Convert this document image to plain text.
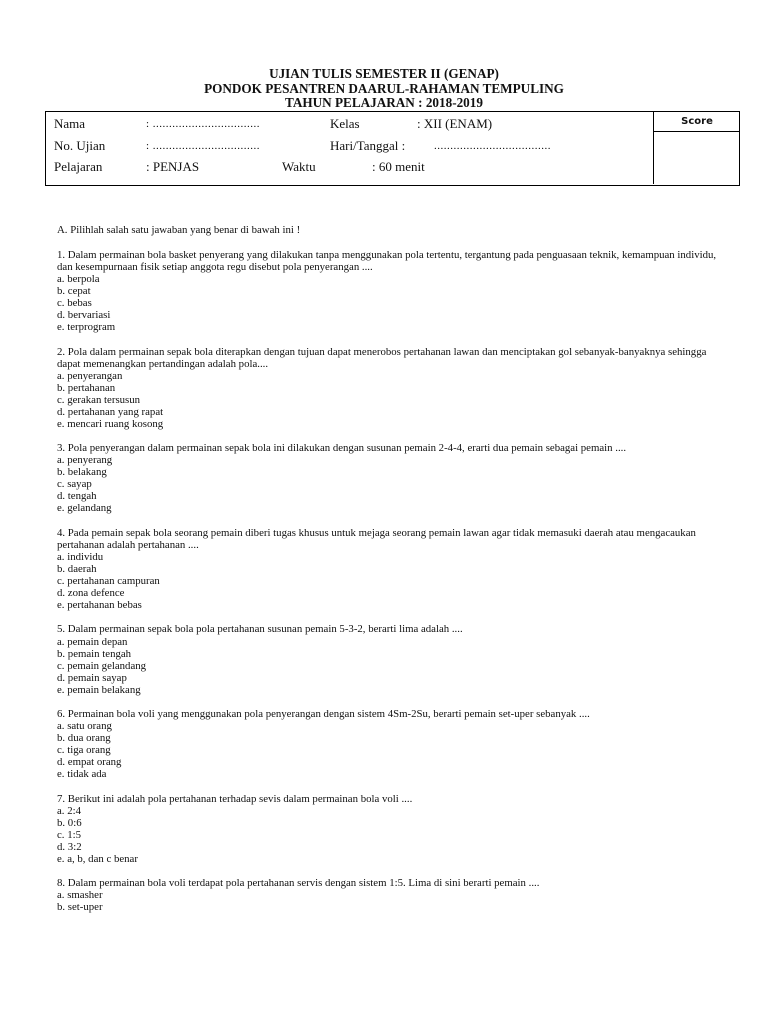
UJIAN TULIS SEMESTER II (GENAP)
PONDOK PESANTREN DAARUL-RAHAMAN TEMPULING
TAHUN PELAJARAN : 2018-2019
Nama	: .................................	Kelas	: XII (ENAM)
No. Ujian	: .................................	Hari/Tanggal :	....................................
Pelajaran	: PENJAS	Waktu	: 60 menit
Score
A. Pilihlah salah satu jawaban yang benar di bawah ini !

1. Dalam permainan bola basket penyerang yang dilakukan tanpa menggunakan pola tertentu, tergantung pada penguasaan teknik, kemampuan individu, dan kesempurnaan fisik setiap anggota regu disebut pola penyerangan ....

a. berpola
b. cepat
c. bebas
d. bervariasi
e. terprogram

2. Pola dalam permainan sepak bola diterapkan dengan tujuan dapat menerobos pertahanan lawan dan menciptakan gol sebanyak-banyaknya sehingga dapat memenangkan pertandingan adalah pola....

a. penyerangan
b. pertahanan
c. gerakan tersusun
d. pertahanan yang rapat
e. mencari ruang kosong

3. Pola penyerangan dalam permainan sepak bola ini dilakukan dengan susunan pemain 2-4-4, erarti dua pemain sebagai pemain ....

a. penyerang
b. belakang
c. sayap
d. tengah
e. gelandang

4. Pada pemain sepak bola seorang pemain diberi tugas khusus untuk mejaga seorang pemain lawan agar tidak memasuki daerah atau mengacaukan pertahanan adalah pertahanan ....

a. individu
b. daerah
c. pertahanan campuran
d. zona defence
e. pertahanan bebas

5. Dalam permainan sepak bola pola pertahanan susunan pemain 5-3-2, berarti lima adalah ....

a. pemain depan
b. pemain tengah
c. pemain gelandang
d. pemain sayap
e. pemain belakang

6. Permainan bola voli yang menggunakan pola penyerangan dengan sistem 4Sm-2Su, berarti pemain set-uper sebanyak ....

a. satu orang
b. dua orang
c. tiga orang
d. empat orang
e. tidak ada

7. Berikut ini adalah pola pertahanan terhadap sevis dalam permainan bola voli ....

a. 2:4
b. 0:6
c. 1:5
d. 3:2
e. a, b, dan c benar

8. Dalam permainan bola voli terdapat pola pertahanan servis dengan sistem 1:5. Lima di sini berarti pemain ....

a. smasher
b. set-uper
